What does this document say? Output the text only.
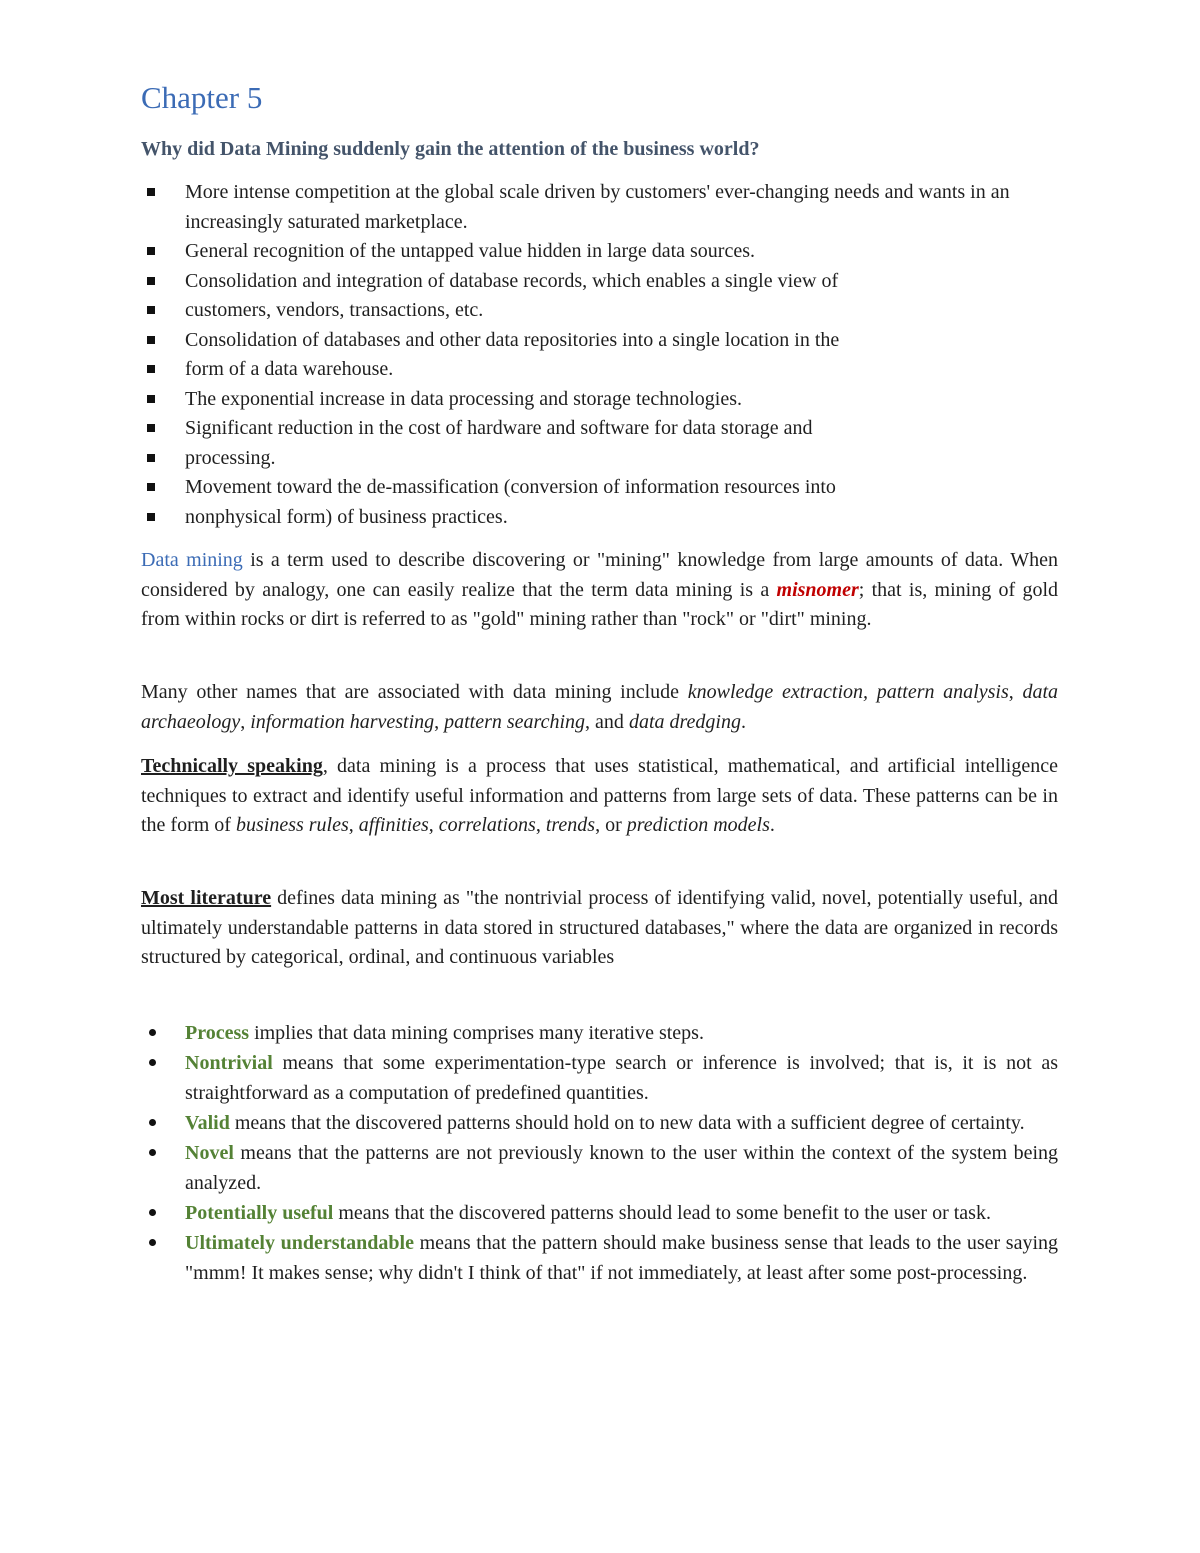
Chapter 5
Why did Data Mining suddenly gain the attention of the business world?
More intense competition at the global scale driven by customers' ever-changing needs and wants in an increasingly saturated marketplace.
General recognition of the untapped value hidden in large data sources.
Consolidation and integration of database records, which enables a single view of
customers, vendors, transactions, etc.
Consolidation of databases and other data repositories into a single location in the
form of a data warehouse.
The exponential increase in data processing and storage technologies.
Significant reduction in the cost of hardware and software for data storage and
processing.
Movement toward the de-massification (conversion of information resources into
nonphysical form) of business practices.

Data mining is a term used to describe discovering or "mining" knowledge from large amounts of data. When considered by analogy, one can easily realize that the term data mining is a misnomer; that is, mining of gold from within rocks or dirt is referred to as "gold" mining rather than "rock" or "dirt" mining.

Many other names that are associated with data mining include knowledge extraction, pattern analysis, data archaeology, information harvesting, pattern searching, and data dredging.

Technically speaking, data mining is a process that uses statistical, mathematical, and artificial intelligence techniques to extract and identify useful information and patterns from large sets of data. These patterns can be in the form of business rules, affinities, correlations, trends, or prediction models.

Most literature defines data mining as "the nontrivial process of identifying valid, novel, potentially useful, and ultimately understandable patterns in data stored in structured databases," where the data are organized in records structured by categorical, ordinal, and continuous variables

Process implies that data mining comprises many iterative steps.
Nontrivial means that some experimentation-type search or inference is involved; that is, it is not as straightforward as a computation of predefined quantities.
Valid means that the discovered patterns should hold on to new data with a sufficient degree of certainty.
Novel means that the patterns are not previously known to the user within the context of the system being analyzed.
Potentially useful means that the discovered patterns should lead to some benefit to the user or task.
Ultimately understandable means that the pattern should make business sense that leads to the user saying "mmm! It makes sense; why didn't I think of that" if not immediately, at least after some post-processing.
